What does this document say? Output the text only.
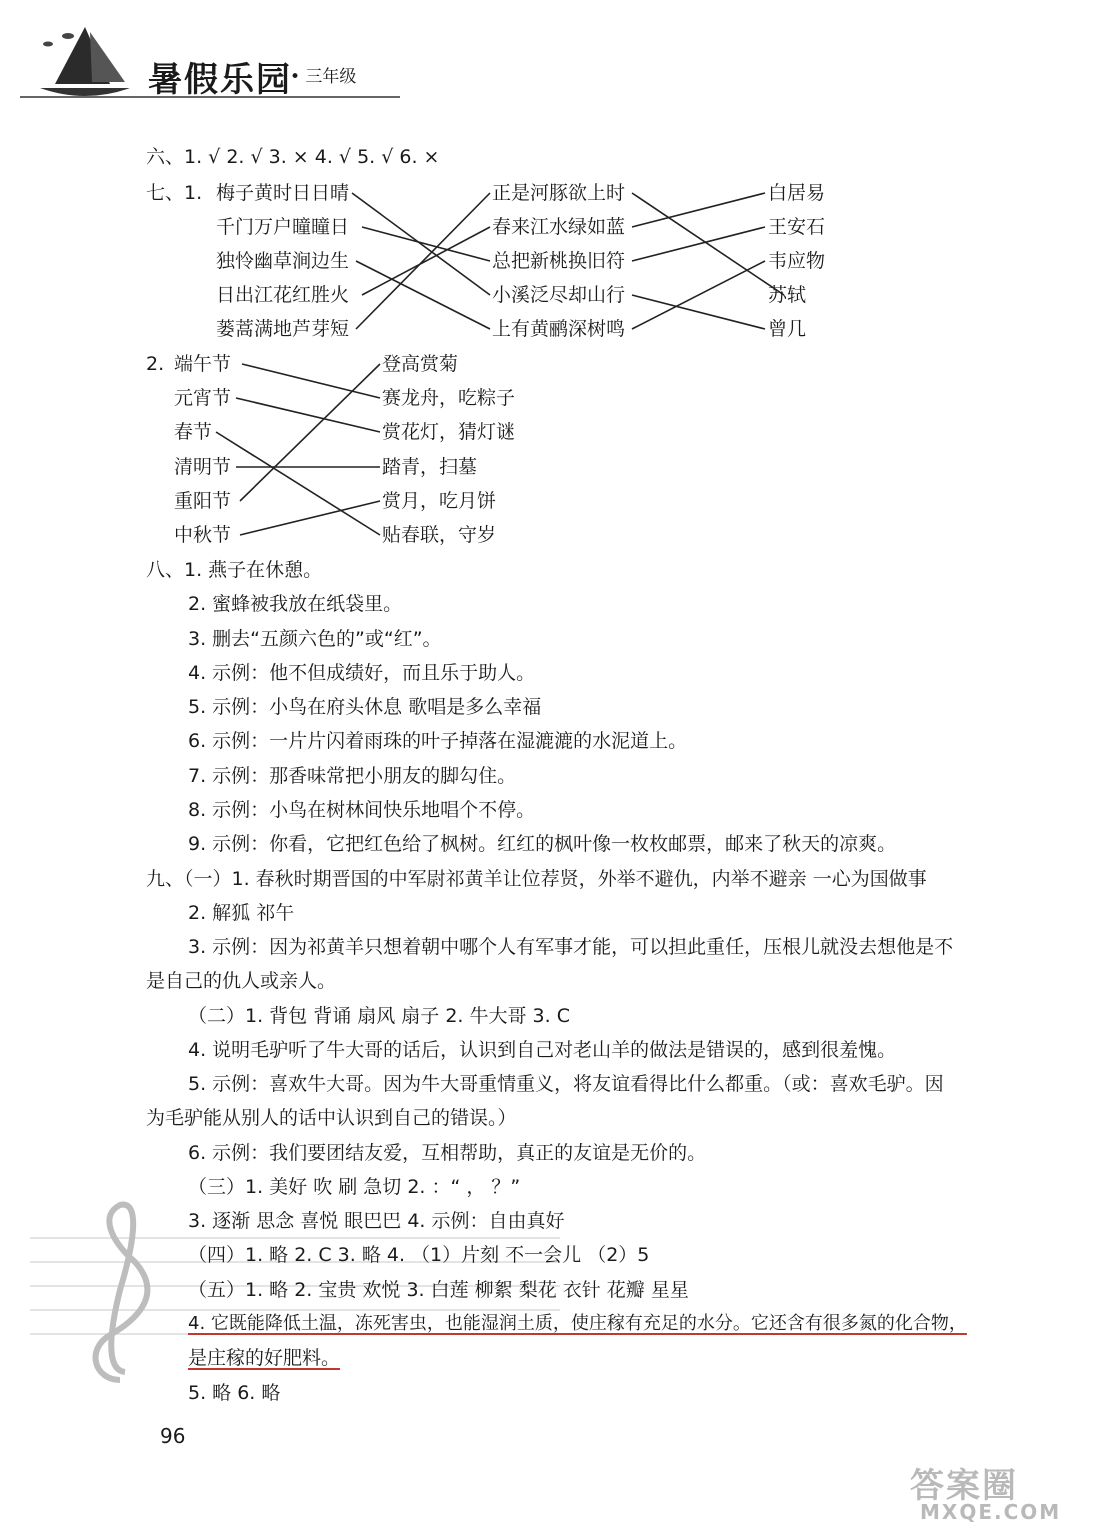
暑假乐园
• 三年级
六、1. √ 2. √ 3. × 4. √ 5. √ 6. ×
七、1. 梅子黄时日日晴
千门万户曈曈日
独怜幽草涧边生
日出江花红胜火
蒌蒿满地芦芽短
正是河豚欲上时
春来江水绿如蓝
总把新桃换旧符
小溪泛尽却山行
上有黄鹂深树鸣
白居易
王安石
韦应物
苏轼
曾几
2. 端午节
元宵节
春节
清明节
重阳节
中秋节
登高赏菊
赛龙舟，吃粽子
赏花灯，猜灯谜
踏青，扫墓
赏月，吃月饼
贴春联，守岁
八、1. 燕子在休憩。
2. 蜜蜂被我放在纸袋里。
3. 删去“五颜六色的”或“红”。
4. 示例：他不但成绩好，而且乐于助人。
5. 示例：小鸟在府头休息 歌唱是多么幸福
6. 示例：一片片闪着雨珠的叶子掉落在湿漉漉的水泥道上。
7. 示例：那香味常把小朋友的脚勾住。
8. 示例：小鸟在树林间快乐地唱个不停。
9. 示例：你看，它把红色给了枫树。红红的枫叶像一枚枚邮票，邮来了秋天的凉爽。
九、（一）1. 春秋时期晋国的中军尉祁黄羊让位荐贤，外举不避仇，内举不避亲 一心为国做事
2. 解狐 祁午
3. 示例：因为祁黄羊只想着朝中哪个人有军事才能，可以担此重任，压根儿就没去想他是不
是自己的仇人或亲人。
（二）1. 背包 背诵 扇风 扇子 2. 牛大哥 3. C
4. 说明毛驴听了牛大哥的话后，认识到自己对老山羊的做法是错误的，感到很羞愧。
5. 示例：喜欢牛大哥。因为牛大哥重情重义，将友谊看得比什么都重。（或：喜欢毛驴。因
为毛驴能从别人的话中认识到自己的错误。）
6. 示例：我们要团结友爱，互相帮助，真正的友谊是无价的。
（三）1. 美好 吹 刷 急切 2. ：“ ， ？”
3. 逐渐 思念 喜悦 眼巴巴 4. 示例：自由真好
（四）1. 略 2. C 3. 略 4. （1）片刻 不一会儿 （2）5
（五）1. 略 2. 宝贵 欢悦 3. 白莲 柳絮 梨花 衣针 花瓣 星星
4. 它既能降低土温，冻死害虫，也能湿润土质，使庄稼有充足的水分。它还含有很多氮的化合物，
是庄稼的好肥料。
5. 略 6. 略
96
答案圈
MXQE.COM
